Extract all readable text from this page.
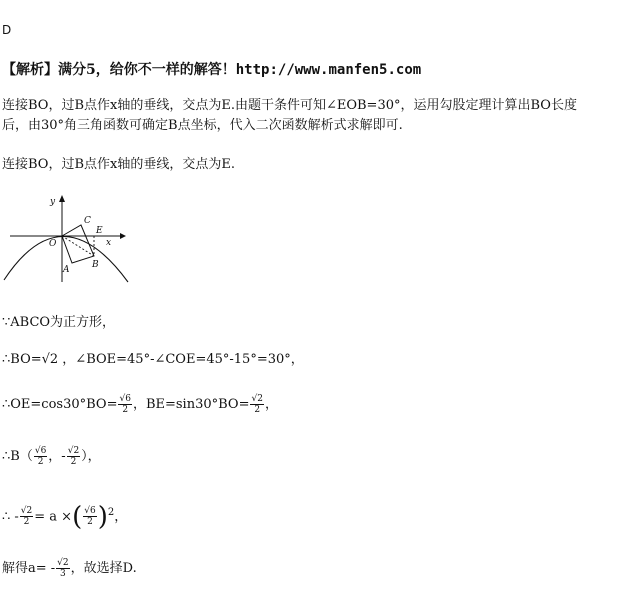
D
【解析】满分5，给你不一样的解答！http://www.manfen5.com
连接BO，过B点作x轴的垂线，交点为E.由题干条件可知∠EOB=30°，运用勾股定理计算出BO长度
后，由30°角三角函数可确定B点坐标，代入二次函数解析式求解即可.
连接BO，过B点作x轴的垂线，交点为E.
y
x
O
A	B
C
E
∵ABCO为正方形，
∴BO=√2 ，∠BOE=45°-∠COE=45°-15°=30°，
∴OE=cos30°BO= $\frac{√6}{2}$ ，$BE=\sin 30^\circ BO= \frac{√2}{2}$ ，
∴B（ $\frac{√6}{2}$ ，- $\frac{√2}{2}$ ），
∴ - $\frac{√2}{2} = a$ ×( $\frac{√6}{2} )^2$，
解得$a= - \frac{√2}{3}$ ，故选择D.
